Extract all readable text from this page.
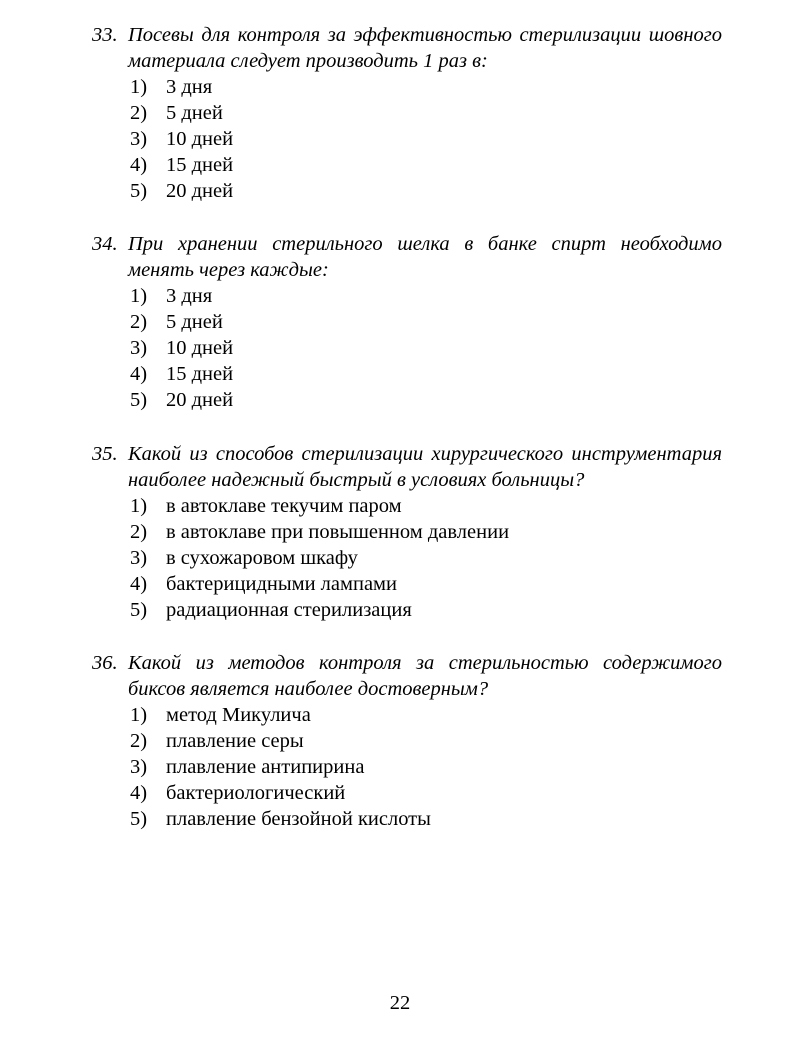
33. Посевы для контроля за эффективностью стерилизации шовного материала следует производить 1 раз в:

1) 3 дня
2) 5 дней
3) 10 дней
4) 15 дней
5) 20 дней

34. При хранении стерильного шелка в банке спирт необходимо менять через каждые:

1) 3 дня
2) 5 дней
3) 10 дней
4) 15 дней
5) 20 дней

35. Какой из способов стерилизации хирургического инструментария наиболее надежный быстрый в условиях больницы?

1) в автоклаве текучим паром
2) в автоклаве при повышенном давлении
3) в сухожаровом шкафу
4) бактерицидными лампами
5) радиационная стерилизация

36. Какой из методов контроля за стерильностью содержимого биксов является наиболее достоверным?

1) метод Микулича
2) плавление серы
3) плавление антипирина
4) бактериологический
5) плавление бензойной кислоты
22
